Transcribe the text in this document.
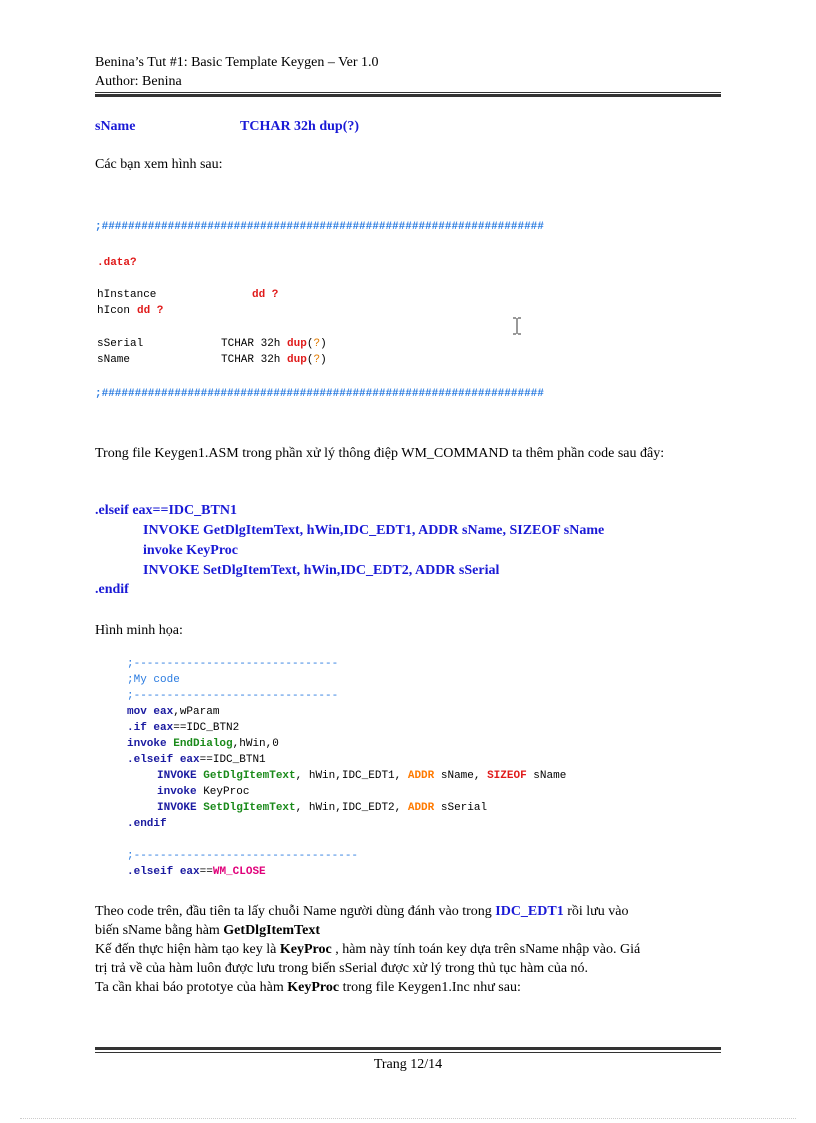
Benina’s Tut #1: Basic Template Keygen – Ver 1.0
Author: Benina
sName	TCHAR 32h dup(?)
Các bạn xem hình sau:
;###################################################################
.data?
hInstance	dd ?
hIcon dd ?
sSerial	TCHAR 32h dup(?)
sName	TCHAR 32h dup(?)
;###################################################################
Trong file Keygen1.ASM trong phần xử lý thông điệp WM_COMMAND ta thêm phần code sau đây:
.elseif eax==IDC_BTN1
INVOKE GetDlgItemText, hWin,IDC_EDT1, ADDR sName, SIZEOF sName
invoke KeyProc
INVOKE SetDlgItemText, hWin,IDC_EDT2, ADDR sSerial
.endif
Hình minh họa:
;-------------------------------
;My code
;-------------------------------
mov eax,wParam
.if eax==IDC_BTN2
invoke EndDialog,hWin,0
.elseif eax==IDC_BTN1
INVOKE GetDlgItemText, hWin,IDC_EDT1, ADDR sName, SIZEOF sName
invoke KeyProc
INVOKE SetDlgItemText, hWin,IDC_EDT2, ADDR sSerial
.endif
;----------------------------------
.elseif eax==WM_CLOSE
Theo code trên, đầu tiên ta lấy chuỗi Name người dùng đánh vào trong IDC_EDT1 rồi lưu vào
biến sName bằng hàm GetDlgItemText
Kế đến thực hiện hàm tạo key là KeyProc , hàm này tính toán key dựa trên sName nhập vào. Giá
trị trả về của hàm luôn được lưu trong biến sSerial được xử lý trong thủ tục hàm của nó.
Ta cần khai báo prototye của hàm KeyProc trong file Keygen1.Inc như sau:
Trang 12/14
